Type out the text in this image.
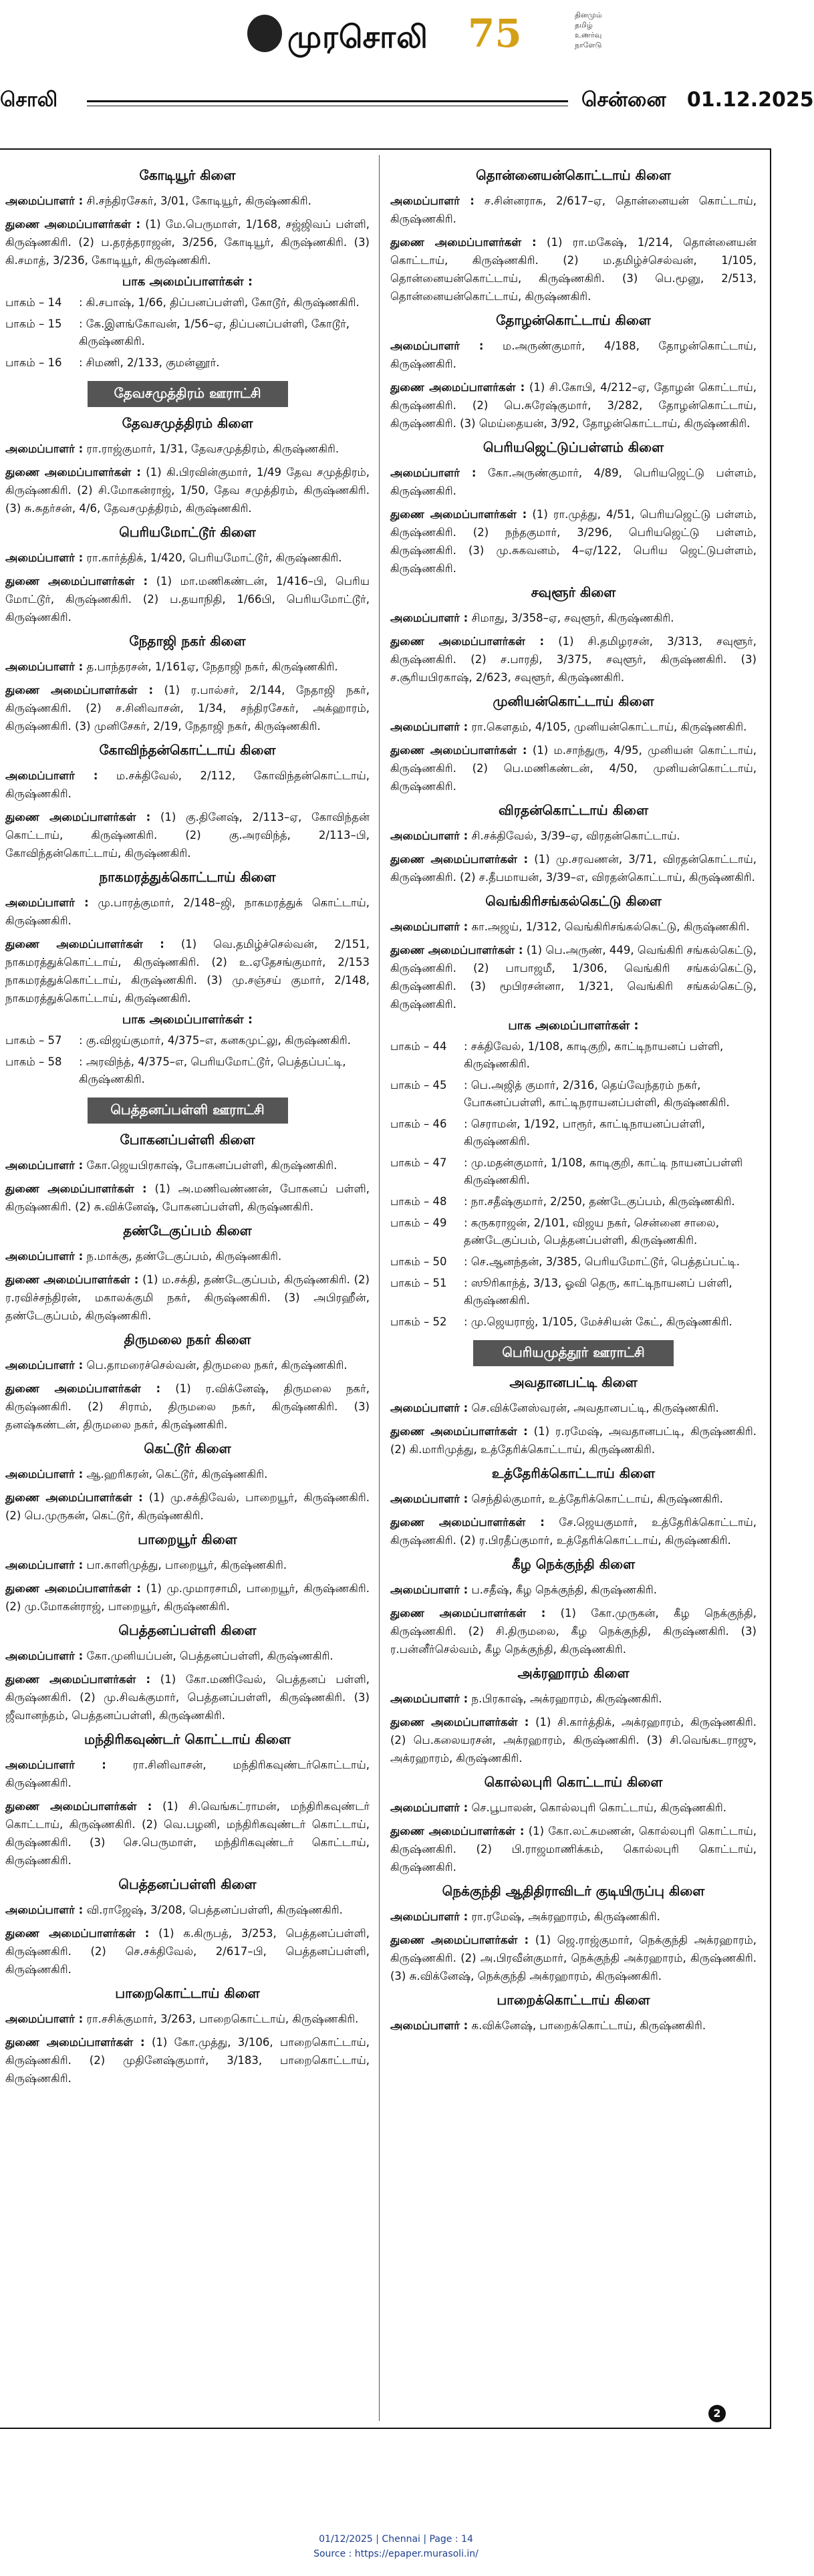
தினமும் தமிழ் உணர்வு நாளேடு
முரசொலி 75
சொலி	சென்னை 01.12.2025
கோடியூர் கிளை

அமைப்பாளர் : சி.சந்திரசேகர், 3/01, கோடியூர், கிருஷ்ணகிரி.

துணை அமைப்பாளர்கள் : (1) மே.பெருமாள், 1/168, சஜ்ஜிவப் பள்ளி, கிருஷ்ணகிரி. (2) ப.தரத்தராஜன், 3/256, கோடியூர், கிருஷ்ணகிரி. (3) கி.சமாத், 3/236, கோடியூர், கிருஷ்ணகிரி.

பாக அமைப்பாளர்கள் :
பாகம் – 14	: கி.சபாஷ், 1/66, திப்பனப்பள்ளி, கோடூர், கிருஷ்ணகிரி.
பாகம் – 15	: கே.இளங்கோவன், 1/56–ஏ, திப்பனப்பள்ளி, கோடூர், கிருஷ்ணகிரி.
பாகம் – 16	: சிமணி, 2/133, குமன்னூர்.
தேவசமுத்திரம் ஊராட்சி
தேவசமுத்திரம் கிளை

அமைப்பாளர் : ரா.ராஜ்குமார், 1/31, தேவசமுத்திரம், கிருஷ்ணகிரி.

துணை அமைப்பாளர்கள் : (1) கி.பிரவின்குமார், 1/49 தேவ சமுத்திரம், கிருஷ்ணகிரி. (2) சி.மோகன்ராஜ், 1/50, தேவ சமுத்திரம், கிருஷ்ணகிரி. (3) சு.சுதர்சன், 4/6, தேவசமுத்திரம், கிருஷ்ணகிரி.

பெரியமோட்டூர் கிளை

அமைப்பாளர் : ரா.கார்த்திக், 1/420, பெரியமோட்டூர், கிருஷ்ணகிரி.

துணை அமைப்பாளர்கள் : (1) மா.மணிகண்டன், 1/416–பி, பெரிய மோட்டூர், கிருஷ்ணகிரி. (2) ப.தயாநிதி, 1/66பி, பெரியமோட்டூர், கிருஷ்ணகிரி.

நேதாஜி நகர் கிளை

அமைப்பாளர் : த.பாந்தரசன், 1/161ஏ, நேதாஜி நகர், கிருஷ்ணகிரி.

துணை அமைப்பாளர்கள் : (1) ர.பால்சர், 2/144, நேதாஜி நகர், கிருஷ்ணகிரி. (2) ச.சினிவாசன், 1/34, சந்திரசேகர், அக்ஹாரம், கிருஷ்ணகிரி. (3) முனிசேகர், 2/19, நேதாஜி நகர், கிருஷ்ணகிரி.

கோவிந்தன்கொட்டாய் கிளை

அமைப்பாளர் : ம.சக்திவேல், 2/112, கோவிந்தன்கொட்டாய், கிருஷ்ணகிரி.

துணை அமைப்பாளர்கள் : (1) கு.தினேஷ், 2/113–ஏ, கோவிந்தன் கொட்டாய், கிருஷ்ணகிரி. (2) கு.அரவிந்த், 2/113–பி, கோவிந்தன்கொட்டாய், கிருஷ்ணகிரி.

நாகமரத்துக்கொட்டாய் கிளை

அமைப்பாளர் : மு.பாரத்குமார், 2/148–ஜி, நாகமரத்துக் கொட்டாய், கிருஷ்ணகிரி.

துணை அமைப்பாளர்கள் : (1) வெ.தமிழ்ச்செல்வன், 2/151, நாகமரத்துக்கொட்டாய், கிருஷ்ணகிரி. (2) உ.ஏதேசங்குமார், 2/153 நாகமரத்துக்கொட்டாய், கிருஷ்ணகிரி. (3) மு.சஞ்சய் குமார், 2/148, நாகமரத்துக்கொட்டாய், கிருஷ்ணகிரி.

பாக அமைப்பாளர்கள் :
பாகம் – 57	: கு.விஜய்குமார், 4/375–எ, கனகமுட்லு, கிருஷ்ணகிரி.
பாகம் – 58	: அரவிந்த், 4/375–எ, பெரியமோட்டூர், பெத்தப்பட்டி, கிருஷ்ணகிரி.
பெத்தனப்பள்ளி ஊராட்சி
போகனப்பள்ளி கிளை

அமைப்பாளர் : கோ.ஜெயபிரகாஷ், போகனப்பள்ளி, கிருஷ்ணகிரி.

துணை அமைப்பாளர்கள் : (1) அ.மணிவண்ணன், போகனப் பள்ளி, கிருஷ்ணகிரி. (2) சு.விக்னேஷ், போகனப்பள்ளி, கிருஷ்ணகிரி.

தண்டேகுப்பம் கிளை

அமைப்பாளர் : ந.மாக்கு, தண்டேகுப்பம், கிருஷ்ணகிரி.

துணை அமைப்பாளர்கள் : (1) ம.சக்தி, தண்டேகுப்பம், கிருஷ்ணகிரி. (2) ர.ரவிச்சந்திரன், மகாலக்குமி நகர், கிருஷ்ணகிரி. (3) அபிரஹீன், தண்டேகுப்பம், கிருஷ்ணகிரி.

திருமலை நகர் கிளை

அமைப்பாளர் : பெ.தாமரைச்செல்வன், திருமலை நகர், கிருஷ்ணகிரி.

துணை அமைப்பாளர்கள் : (1) ர.விக்னேஷ், திருமலை நகர், கிருஷ்ணகிரி. (2) சிராம், திருமலை நகர், கிருஷ்ணகிரி. (3) தனஷ்கண்டன், திருமலை நகர், கிருஷ்ணகிரி.

கெட்டூர் கிளை

அமைப்பாளர் : ஆ.ஹரிகரன், கெட்டூர், கிருஷ்ணகிரி.

துணை அமைப்பாளர்கள் : (1) மு.சக்திவேல், பாறையூர், கிருஷ்ணகிரி. (2) பெ.முருகன், கெட்டூர், கிருஷ்ணகிரி.

பாறையூர் கிளை

அமைப்பாளர் : பா.காளிமுத்து, பாறையூர், கிருஷ்ணகிரி.

துணை அமைப்பாளர்கள் : (1) மு.முமாரசாமி, பாறையூர், கிருஷ்ணகிரி. (2) மு.மோகன்ராஜ், பாறையூர், கிருஷ்ணகிரி.

பெத்தனப்பள்ளி கிளை

அமைப்பாளர் : கோ.முனியப்பன், பெத்தனப்பள்ளி, கிருஷ்ணகிரி.

துணை அமைப்பாளர்கள் : (1) கோ.மணிவேல், பெத்தனப் பள்ளி, கிருஷ்ணகிரி. (2) மு.சிவக்குமார், பெத்தனப்பள்ளி, கிருஷ்ணகிரி. (3) ஜீவானந்தம், பெத்தனப்பள்ளி, கிருஷ்ணகிரி.

மந்திரிகவுண்டர் கொட்டாய் கிளை

அமைப்பாளர் : ரா.சினிவாசன், மந்திரிகவுண்டர்கொட்டாய், கிருஷ்ணகிரி.

துணை அமைப்பாளர்கள் : (1) சி.வெங்கட்ராமன், மந்திரிகவுண்டர் கொட்டாய், கிருஷ்ணகிரி. (2) வெ.பழனி, மந்திரிகவுண்டர் கொட்டாய், கிருஷ்ணகிரி. (3) செ.பெருமாள், மந்திரிகவுண்டர் கொட்டாய், கிருஷ்ணகிரி.

பெத்தனப்பள்ளி கிளை

அமைப்பாளர் : வி.ராஜேஷ், 3/208, பெத்தனப்பள்ளி, கிருஷ்ணகிரி.

துணை அமைப்பாளர்கள் : (1) க.கிருபத், 3/253, பெத்தனப்பள்ளி, கிருஷ்ணகிரி. (2) செ.சக்திவேல், 2/617–பி, பெத்தனப்பள்ளி, கிருஷ்ணகிரி.

பாறைகொட்டாய் கிளை

அமைப்பாளர் : ரா.சசிக்குமார், 3/263, பாறைகொட்டாய், கிருஷ்ணகிரி.

துணை அமைப்பாளர்கள் : (1) கோ.முத்து, 3/106, பாறைகொட்டாய், கிருஷ்ணகிரி. (2) முதினேஷ்குமார், 3/183, பாறைகொட்டாய், கிருஷ்ணகிரி.

தொன்னையன்கொட்டாய் கிளை

அமைப்பாளர் : ச.சின்னராசு, 2/617–ஏ, தொன்னையன் கொட்டாய், கிருஷ்ணகிரி.

துணை அமைப்பாளர்கள் : (1) ரா.மகேஷ், 1/214, தொன்னையன் கொட்டாய், கிருஷ்ணகிரி. (2) ம.தமிழ்ச்செல்வன், 1/105, தொன்னையன்கொட்டாய், கிருஷ்ணகிரி. (3) பெ.மூனு, 2/513, தொன்னையன்கொட்டாய், கிருஷ்ணகிரி.

தோழன்கொட்டாய் கிளை

அமைப்பாளர் : ம.அருண்குமார், 4/188, தோழன்கொட்டாய், கிருஷ்ணகிரி.

துணை அமைப்பாளர்கள் : (1) சி.கோபி, 4/212–ஏ, தோழன் கொட்டாய், கிருஷ்ணகிரி. (2) பெ.சுரேஷ்குமார், 3/282, தோழன்கொட்டாய், கிருஷ்ணகிரி. (3) மெய்தையன், 3/92, தோழன்கொட்டாய், கிருஷ்ணகிரி.

பெரியஜெட்டுப்பள்ளம் கிளை

அமைப்பாளர் : கோ.அருண்குமார், 4/89, பெரியஜெட்டு பள்ளம், கிருஷ்ணகிரி.

துணை அமைப்பாளர்கள் : (1) ரா.முத்து, 4/51, பெரியஜெட்டு பள்ளம், கிருஷ்ணகிரி. (2) நந்தகுமார், 3/296, பெரியஜெட்டு பள்ளம், கிருஷ்ணகிரி. (3) மு.சுகவனம், 4–ஏ/122, பெரிய ஜெட்டுபள்ளம், கிருஷ்ணகிரி.

சவுளூர் கிளை

அமைப்பாளர் : சிமாது, 3/358–ஏ, சவுளூர், கிருஷ்ணகிரி.

துணை அமைப்பாளர்கள் : (1) சி.தமிழரசன், 3/313, சவுளூர், கிருஷ்ணகிரி. (2) ச.பாரதி, 3/375, சவுளூர், கிருஷ்ணகிரி. (3) ச.சூரியபிரகாஷ், 2/623, சவுளூர், கிருஷ்ணகிரி.

முனியன்கொட்டாய் கிளை

அமைப்பாளர் : ரா.கௌதம், 4/105, முனியன்கொட்டாய், கிருஷ்ணகிரி.

துணை அமைப்பாளர்கள் : (1) ம.சாந்துரு, 4/95, முனியன் கொட்டாய், கிருஷ்ணகிரி. (2) பெ.மணிகண்டன், 4/50, முனியன்கொட்டாய், கிருஷ்ணகிரி.

விரதன்கொட்டாய் கிளை

அமைப்பாளர் : சி.சக்திவேல், 3/39–ஏ, விரதன்கொட்டாய்.

துணை அமைப்பாளர்கள் : (1) மு.சரவணன், 3/71, விரதன்கொட்டாய், கிருஷ்ணகிரி. (2) ச.தீபமாயன், 3/39–எ, விரதன்கொட்டாய், கிருஷ்ணகிரி.

வெங்கிரிசங்கல்கெட்டு கிளை

அமைப்பாளர் : கா.அஜய், 1/312, வெங்கிரிசங்கல்கெட்டு, கிருஷ்ணகிரி.

துணை அமைப்பாளர்கள் : (1) பெ.அருண், 449, வெங்கிரி சங்கல்கெட்டு, கிருஷ்ணகிரி. (2) பாபாஜமீ, 1/306, வெங்கிரி சங்கல்கெட்டு, கிருஷ்ணகிரி. (3) மூபிரசன்னா, 1/321, வெங்கிரி சங்கல்கெட்டு, கிருஷ்ணகிரி.

பாக அமைப்பாளர்கள் :
பாகம் – 44	: சக்திவேல், 1/108, காடிகுறி, காட்டிநாயனப் பள்ளி, கிருஷ்ணகிரி.
பாகம் – 45	: பெ.அஜித் குமார், 2/316, தெய்வேந்தரம் நகர், போகனப்பள்ளி, காட்டிநராயனப்பள்ளி, கிருஷ்ணகிரி.
பாகம் – 46	: செராமன், 1/192, பாரூர், காட்டிநாயனப்பள்ளி, கிருஷ்ணகிரி.
பாகம் – 47	: மு.மதன்குமார், 1/108, காடிகுறி, காட்டி நாயனப்பள்ளி கிருஷ்ணகிரி.
பாகம் – 48	: நா.சதீஷ்குமார், 2/250, தண்டேகுப்பம், கிருஷ்ணகிரி.
பாகம் – 49	: கருகராஜன், 2/101, விஜய நகர், சென்னை சாலை, தண்டேகுப்பம், பெத்தனப்பள்ளி, கிருஷ்ணகிரி.
பாகம் – 50	: செ.ஆனந்தன், 3/385, பெரியமோட்டூர், பெத்தப்பட்டி.
பாகம் – 51	: ஸூரிகாந்த், 3/13, ஓவி தெரு, காட்டிநாயனப் பள்ளி, கிருஷ்ணகிரி.
பாகம் – 52	: மு.ஜெயராஜ், 1/105, மேச்சியன் கேட், கிருஷ்ணகிரி.
பெரியமுத்தூர் ஊராட்சி
அவதானபட்டி கிளை

அமைப்பாளர் : செ.விக்னேஸ்வரன், அவதானபட்டி, கிருஷ்ணகிரி.

துணை அமைப்பாளர்கள் : (1) ர.ரமேஷ், அவதானபட்டி, கிருஷ்ணகிரி. (2) கி.மாரிமுத்து, உத்தேரிக்கொட்டாய், கிருஷ்ணகிரி.

உத்தேரிக்கொட்டாய் கிளை

அமைப்பாளர் : செந்தில்குமார், உத்தேரிக்கொட்டாய், கிருஷ்ணகிரி.

துணை அமைப்பாளர்கள் : சே.ஜெயகுமார், உத்தேரிக்கொட்டாய், கிருஷ்ணகிரி. (2) ர.பிரதீப்குமார், உத்தேரிக்கொட்டாய், கிருஷ்ணகிரி.

கீழ நெக்குந்தி கிளை

அமைப்பாளர் : ப.சதீஷ், கீழ நெக்குந்தி, கிருஷ்ணகிரி.

துணை அமைப்பாளர்கள் : (1) கோ.முருகன், கீழ நெக்குந்தி, கிருஷ்ணகிரி. (2) சி.திருமலை, கீழ நெக்குந்தி, கிருஷ்ணகிரி. (3) ர.பன்னீர்செல்வம், கீழ நெக்குந்தி, கிருஷ்ணகிரி.

அக்ரஹாரம் கிளை

அமைப்பாளர் : ந.பிரகாஷ், அக்ரஹாரம், கிருஷ்ணகிரி.

துணை அமைப்பாளர்கள் : (1) சி.கார்த்திக், அக்ரஹாரம், கிருஷ்ணகிரி. (2) பெ.கலையரசன், அக்ரஹாரம், கிருஷ்ணகிரி. (3) சி.வெங்கடராஜு, அக்ரஹாரம், கிருஷ்ணகிரி.

கொல்லபுரி கொட்டாய் கிளை

அமைப்பாளர் : செ.பூபாலன், கொல்லபுரி கொட்டாய், கிருஷ்ணகிரி.

துணை அமைப்பாளர்கள் : (1) கோ.லட்சுமணன், கொல்லபுரி கொட்டாய், கிருஷ்ணகிரி. (2) பி.ராஜமாணிக்கம், கொல்லபுரி கொட்டாய், கிருஷ்ணகிரி.

நெக்குந்தி ஆதிதிராவிடர் குடியிருப்பு கிளை

அமைப்பாளர் : ரா.ரமேஷ், அக்ரஹாரம், கிருஷ்ணகிரி.

துணை அமைப்பாளர்கள் : (1) ஜெ.ராஜ்குமார், நெக்குந்தி அக்ரஹாரம், கிருஷ்ணகிரி. (2) அ.பிரவீன்குமார், நெக்குந்தி அக்ரஹாரம், கிருஷ்ணகிரி. (3) சு.விக்னேஷ், நெக்குந்தி அக்ரஹாரம், கிருஷ்ணகிரி.

பாறைக்கொட்டாய் கிளை

அமைப்பாளர் : க.விக்னேஷ், பாறைக்கொட்டாய், கிருஷ்ணகிரி.

2
01/12/2025 | Chennai | Page : 14
Source : https://epaper.murasoli.in/
